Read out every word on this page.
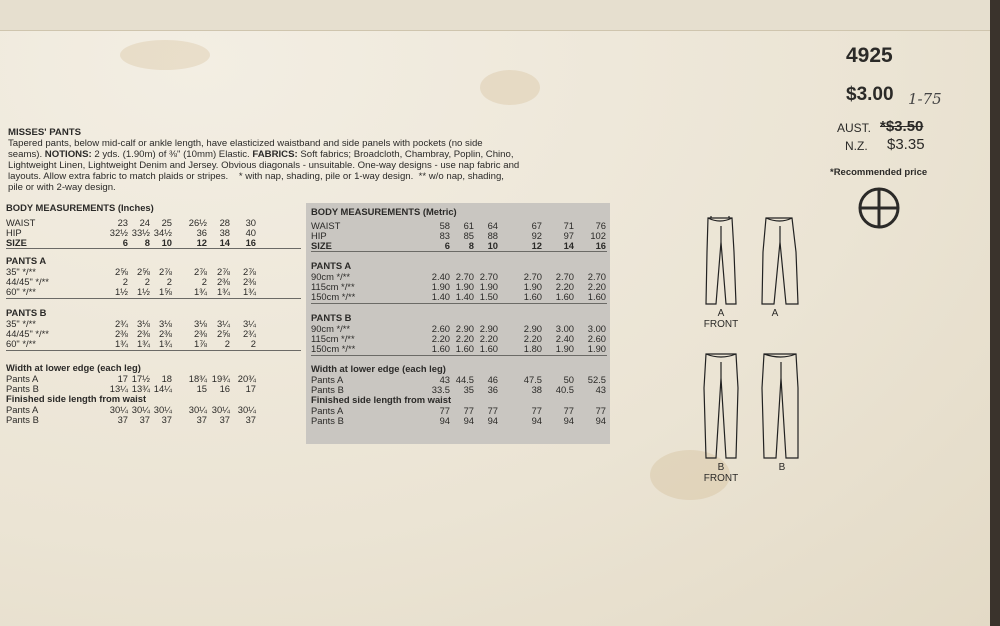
4925
$3.00 1-75
AUST. *$3.50
N.Z. $3.35
*Recommended price
MISSES' PANTS
Tapered pants, below mid-calf or ankle length, have elasticized waistband and side panels with pockets (no side
seams). NOTIONS: 2 yds. (1.90m) of ⅜" (10mm) Elastic. FABRICS: Soft fabrics; Broadcloth, Chambray, Poplin, Chino,
Lightweight Linen, Lightweight Denim and Jersey. Obvious diagonals - unsuitable. One-way designs - use nap fabric and
layouts. Allow extra fabric to match plaids or stripes. * with nap, shading, pile or 1-way design. ** w/o nap, shading,
pile or with 2-way design.
BODY MEASUREMENTS (Inches)
WAIST	23	24	25	26½	28	30
HIP	32½ 33½ 34½	36	38	40
SIZE	6	8	10	12	14	16
PANTS A
35" */**	2⅝ 2⅝ 2⅞	2⅞	2⅞	2⅞
44/45" */**	2	2	2	2	2⅜	2⅜
60" */**	1½ 1½ 1⅝	1¾	1¾	1¾
PANTS B
35" */**	2¾ 3⅛ 3⅛	3⅛	3¼	3¼
44/45" */**	2⅜ 2⅜ 2⅜	2⅜	2⅝	2¾
60" */**	1¾ 1¾ 1¾	1⅞	2	2
Width at lower edge (each leg)
Pants A	17 17½	18	18¾ 19¾ 20¾
Pants B	13¼ 13¾ 14¼	15	16	17
Finished side length from waist
Pants A	30¼ 30¼ 30¼	30¼ 30¼ 30¼
Pants B	37	37	37	37	37	37
BODY MEASUREMENTS (Metric)
WAIST	58	61	64	67	71	76
HIP	83	85	88	92	97	102
SIZE	6	8	10	12	14	16
PANTS A
90cm */**	2.40 2.70 2.70	2.70	2.70	2.70
115cm */**	1.90 1.90 1.90	1.90	2.20	2.20
150cm */**	1.40 1.40 1.50	1.60	1.60	1.60
PANTS B
90cm */**	2.60 2.90 2.90	2.90	3.00	3.00
115cm */**	2.20 2.20 2.20	2.20	2.40	2.60
150cm */**	1.60 1.60 1.60	1.80	1.90	1.90
Width at lower edge (each leg)
Pants A	43 44.5	46	47.5	50	52.5
Pants B	33.5	35	36	38	40.5	43
Finished side length from waist
Pants A	77	77	77	77	77	77
Pants B	94	94	94	94	94	94
A
FRONT
A
B
FRONT
B
